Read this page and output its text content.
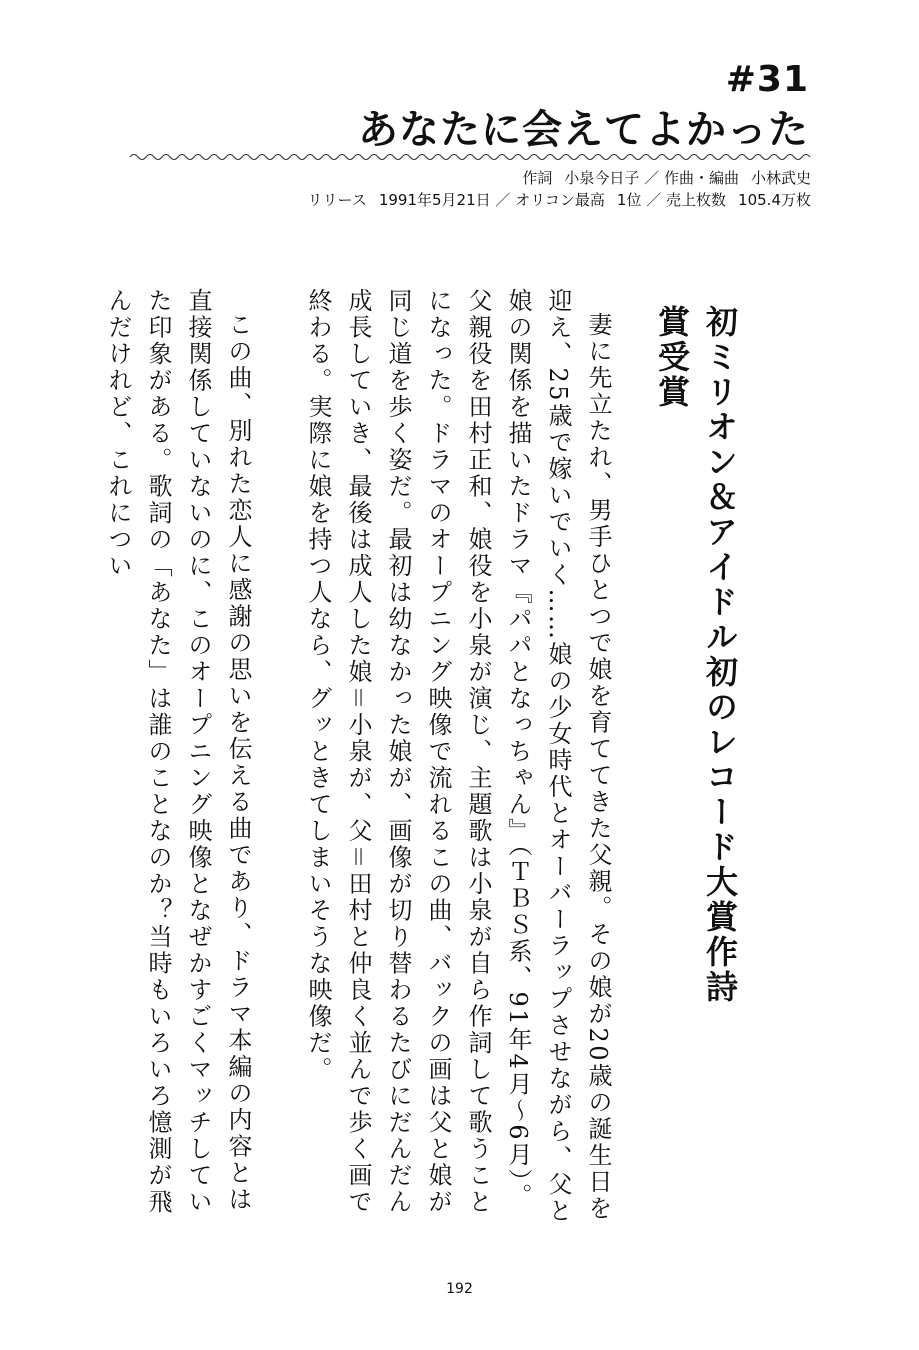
#31
あなたに会えてよかった
作詞 小泉今日子 ／ 作曲・編曲 小林武史
リリース 1991年5月21日 ／ オリコン最高 1位 ／ 売上枚数 105.4万枚
初ミリオン＆アイドル初のレコード大賞作詩賞受賞

妻に先立たれ、男手ひとつで娘を育ててきた父親。その娘が20歳の誕生日を迎え、25歳で嫁いでいく……娘の少女時代とオーバーラップさせながら、父と娘の関係を描いたドラマ『パパとなっちゃん』（ＴＢＳ系、91年4月～6月）。父親役を田村正和、娘役を小泉が演じ、主題歌は小泉が自ら作詞して歌うことになった。ドラマのオープニング映像で流れるこの曲、バックの画は父と娘が同じ道を歩く姿だ。最初は幼なかった娘が、画像が切り替わるたびにだんだん成長していき、最後は成人した娘＝小泉が、父＝田村と仲良く並んで歩く画で終わる。実際に娘を持つ人なら、グッときてしまいそうな映像だ。

この曲、別れた恋人に感謝の思いを伝える曲であり、ドラマ本編の内容とは直接関係していないのに、このオープニング映像となぜかすごくマッチしていた印象がある。歌詞の「あなた」は誰のことなのか？当時もいろいろ憶測が飛んだけれど、これについ

192
